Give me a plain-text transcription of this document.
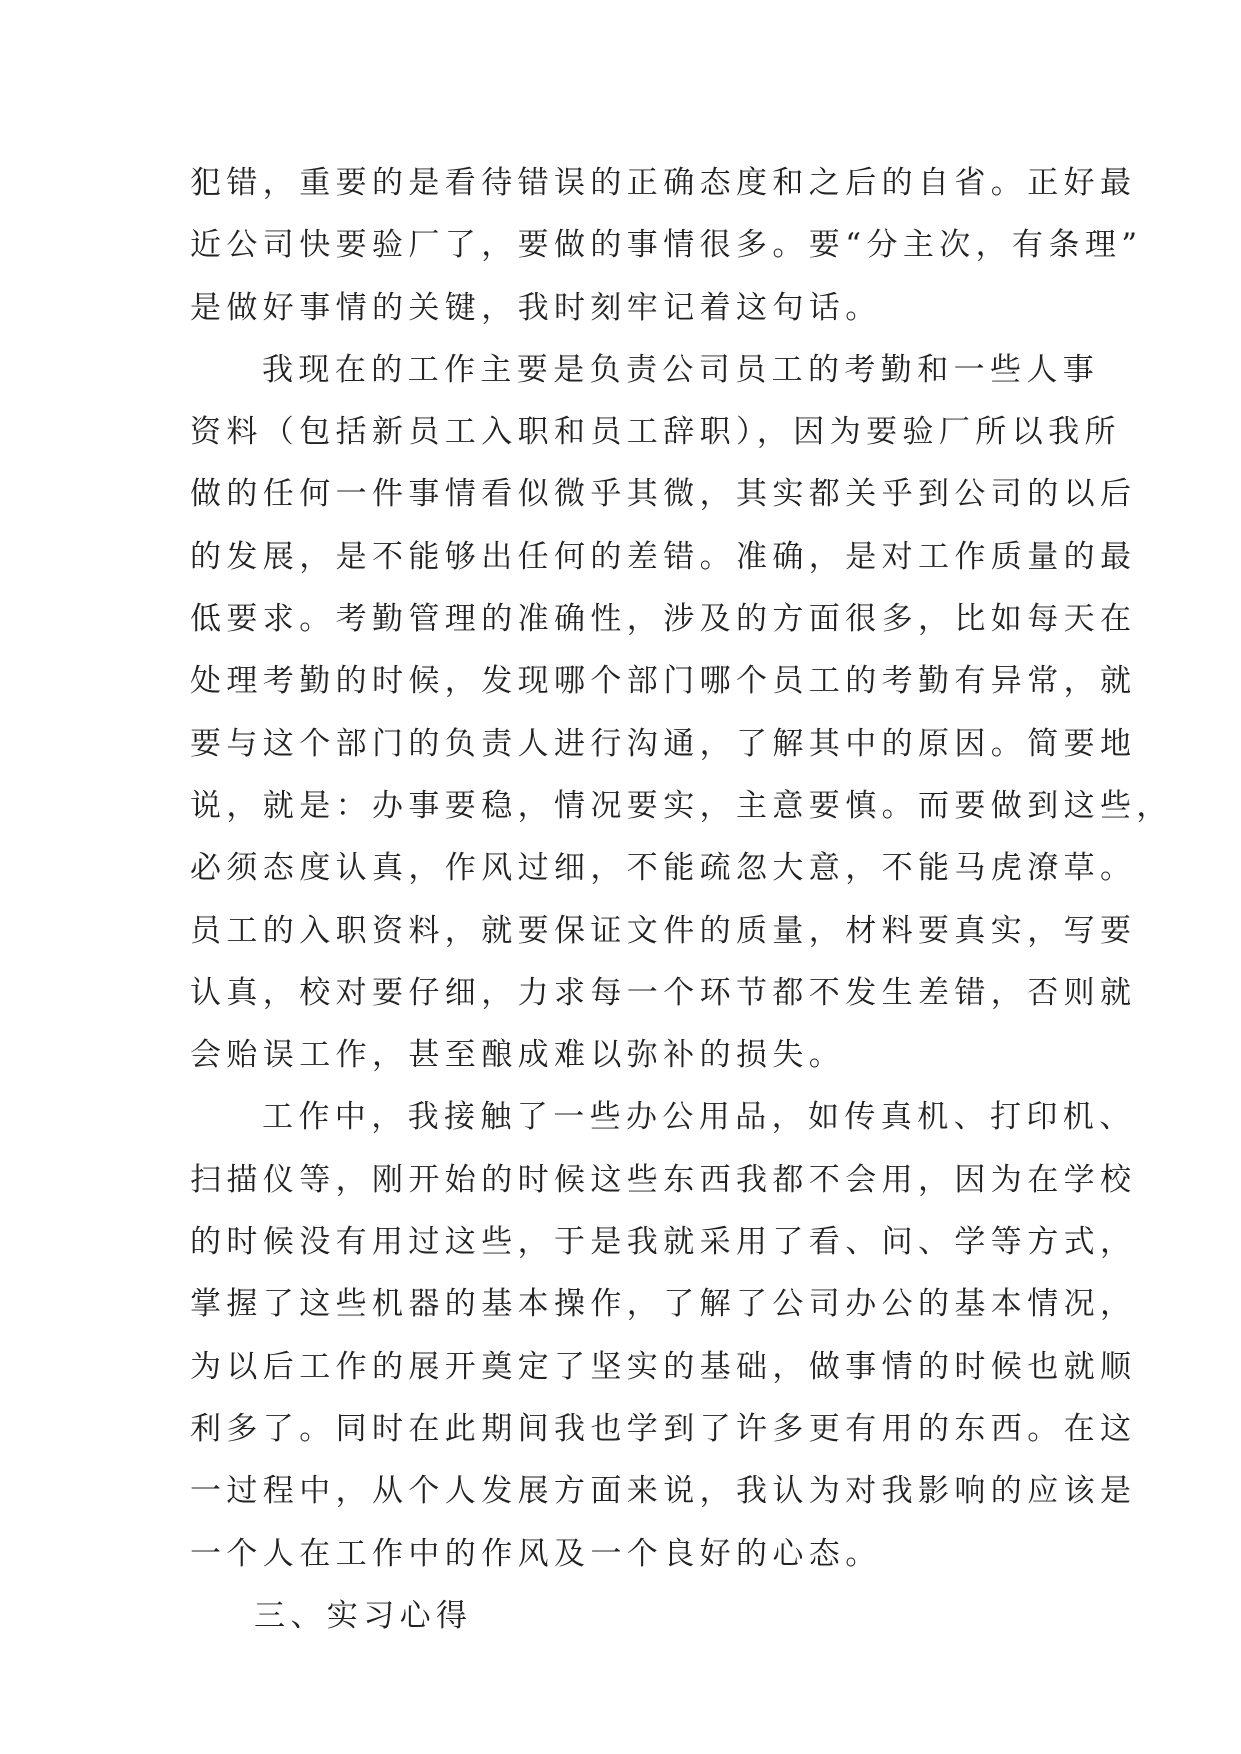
犯错，重要的是看待错误的正确态度和之后的自省。正好最
近公司快要验厂了，要做的事情很多。要“分主次，有条理”
是做好事情的关键，我时刻牢记着这句话。
我现在的工作主要是负责公司员工的考勤和一些人事
资料（包括新员工入职和员工辞职），因为要验厂所以我所
做的任何一件事情看似微乎其微，其实都关乎到公司的以后
的发展，是不能够出任何的差错。准确，是对工作质量的最
低要求。考勤管理的准确性，涉及的方面很多，比如每天在
处理考勤的时候，发现哪个部门哪个员工的考勤有异常，就
要与这个部门的负责人进行沟通，了解其中的原因。简要地
说，就是：办事要稳，情况要实，主意要慎。而要做到这些，
必须态度认真，作风过细，不能疏忽大意，不能马虎潦草。
员工的入职资料，就要保证文件的质量，材料要真实，写要
认真，校对要仔细，力求每一个环节都不发生差错，否则就
会贻误工作，甚至酿成难以弥补的损失。
工作中，我接触了一些办公用品，如传真机、打印机、
扫描仪等，刚开始的时候这些东西我都不会用，因为在学校
的时候没有用过这些，于是我就采用了看、问、学等方式，
掌握了这些机器的基本操作，了解了公司办公的基本情况，
为以后工作的展开奠定了坚实的基础，做事情的时候也就顺
利多了。同时在此期间我也学到了许多更有用的东西。在这
一过程中，从个人发展方面来说，我认为对我影响的应该是
一个人在工作中的作风及一个良好的心态。
三、实习心得
